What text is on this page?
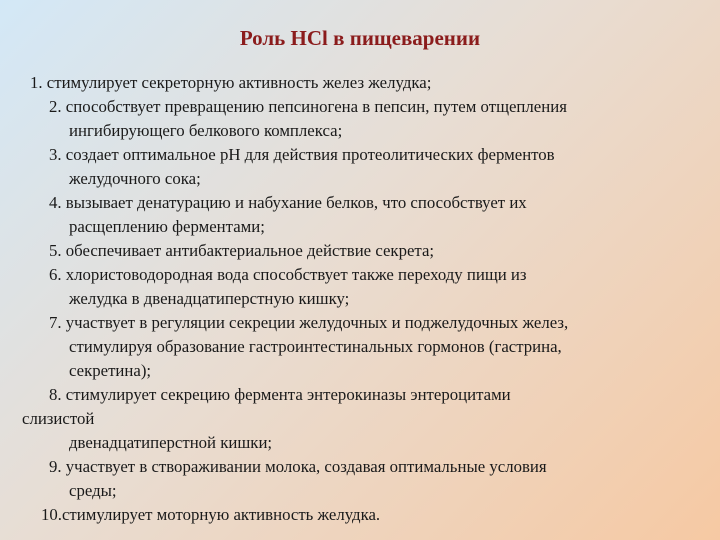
Роль HCl в пищеварении
1. стимулирует секреторную активность желез желудка;
2. способствует превращению пепсиногена в пепсин, путем отщепления
ингибирующего белкового комплекса;
3. создает оптимальное pH для действия протеолитических ферментов
желудочного сока;
4. вызывает денатурацию и набухание белков, что способствует их
расщеплению ферментами;
5. обеспечивает антибактериальное действие секрета;
6. хлористоводородная вода способствует также переходу пищи из
желудка в двенадцатиперстную кишку;
7. участвует в регуляции секреции желудочных и поджелудочных желез,
стимулируя образование гастроинтестинальных гормонов (гастрина,
секретина);
8. стимулирует секрецию фермента энтерокиназы энтероцитами
слизистой
двенадцатиперстной кишки;
9. участвует в створаживании молока, создавая оптимальные условия
среды;
10.стимулирует моторную активность желудка.
